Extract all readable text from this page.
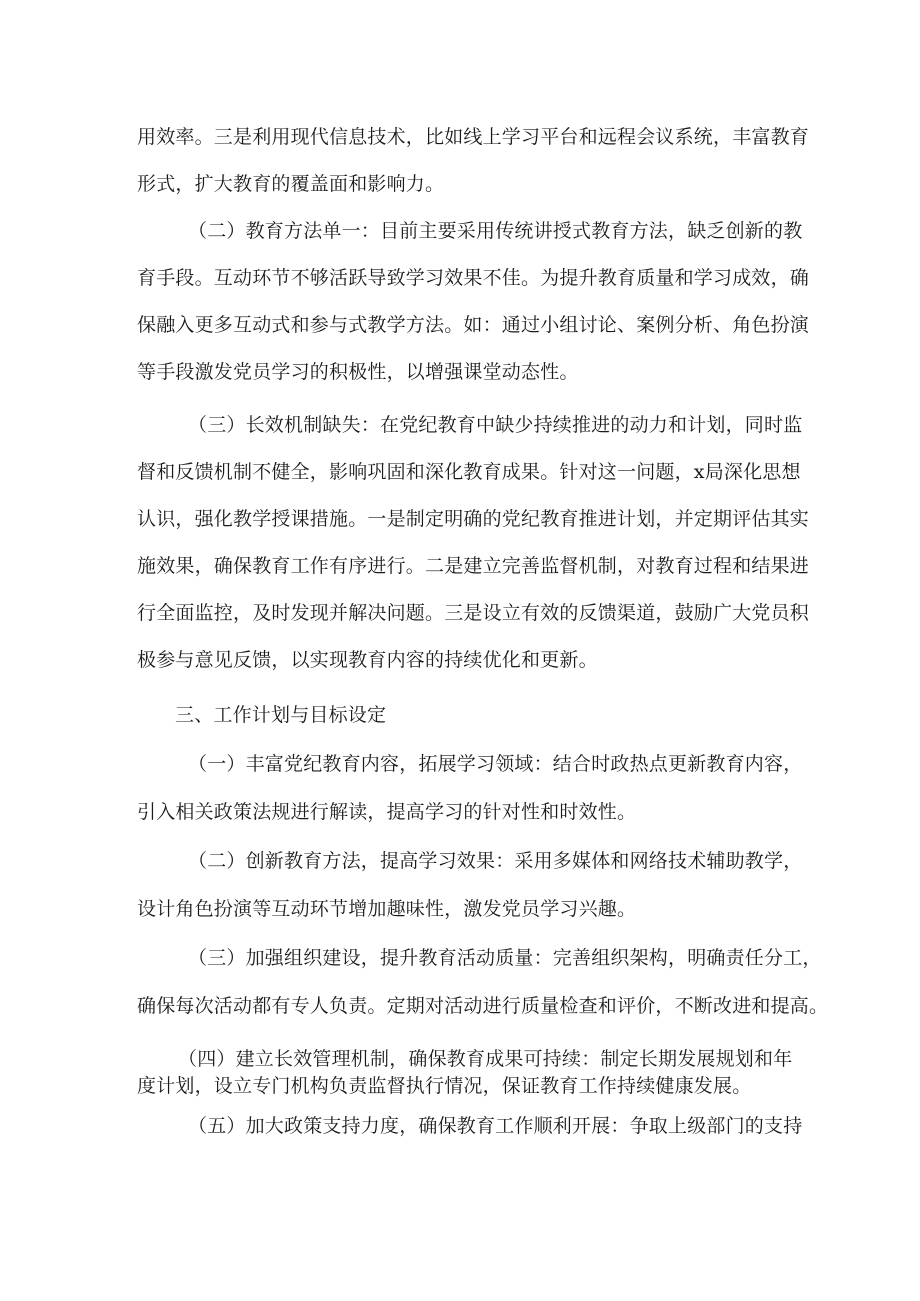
用效率。三是利用现代信息技术，比如线上学习平台和远程会议系统，丰富教育
形式，扩大教育的覆盖面和影响力。
（二）教育方法单一：目前主要采用传统讲授式教育方法，缺乏创新的教
育手段。互动环节不够活跃导致学习效果不佳。为提升教育质量和学习成效，确
保融入更多互动式和参与式教学方法。如：通过小组讨论、案例分析、角色扮演
等手段激发党员学习的积极性，以增强课堂动态性。
（三）长效机制缺失：在党纪教育中缺少持续推进的动力和计划，同时监
督和反馈机制不健全，影响巩固和深化教育成果。针对这一问题，x局深化思想
认识，强化教学授课措施。一是制定明确的党纪教育推进计划，并定期评估其实
施效果，确保教育工作有序进行。二是建立完善监督机制，对教育过程和结果进
行全面监控，及时发现并解决问题。三是设立有效的反馈渠道，鼓励广大党员积
极参与意见反馈，以实现教育内容的持续优化和更新。
三、工作计划与目标设定
（一）丰富党纪教育内容，拓展学习领域：结合时政热点更新教育内容，
引入相关政策法规进行解读，提高学习的针对性和时效性。
（二）创新教育方法，提高学习效果：采用多媒体和网络技术辅助教学，
设计角色扮演等互动环节增加趣味性，激发党员学习兴趣。
（三）加强组织建设，提升教育活动质量：完善组织架构，明确责任分工，
确保每次活动都有专人负责。定期对活动进行质量检查和评价，不断改进和提高。
（四）建立长效管理机制，确保教育成果可持续：制定长期发展规划和年
度计划，设立专门机构负责监督执行情况，保证教育工作持续健康发展。
（五）加大政策支持力度，确保教育工作顺利开展：争取上级部门的支持
